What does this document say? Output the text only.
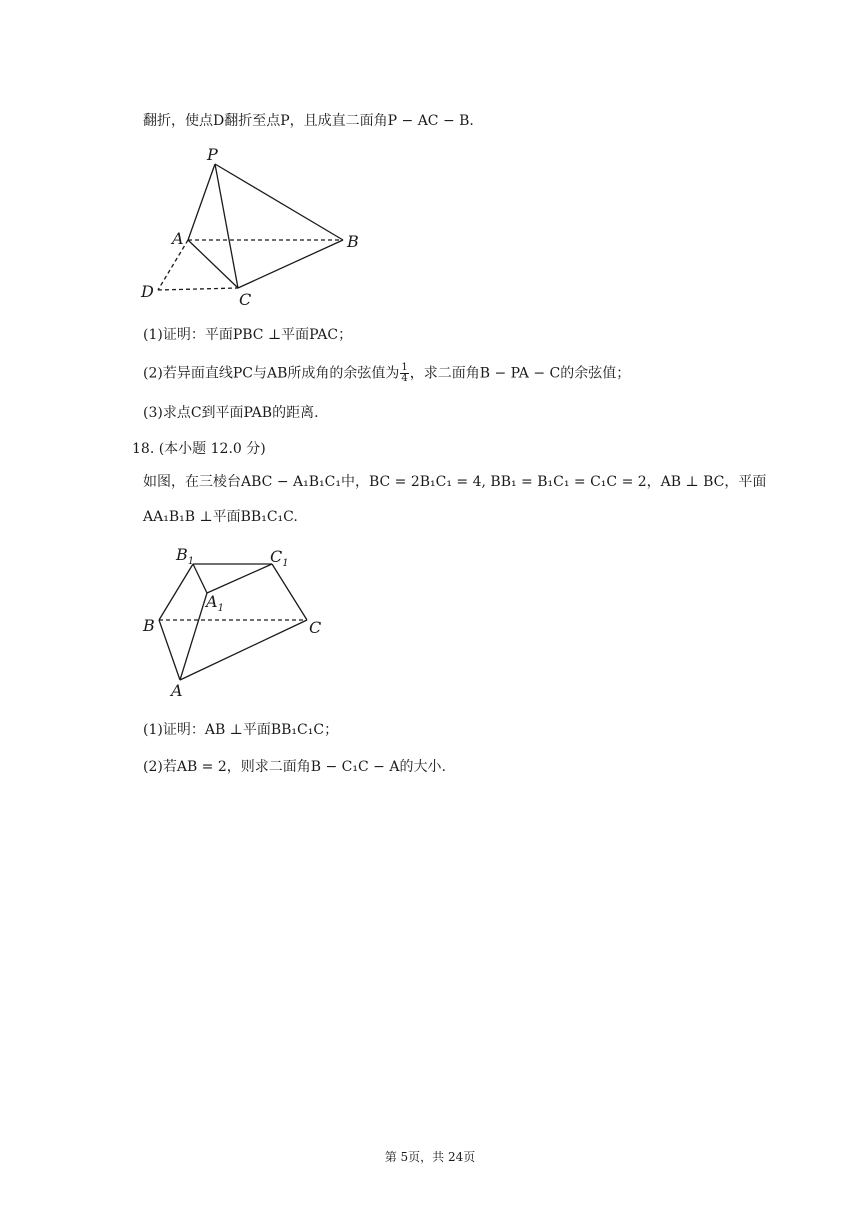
翻折，使点D翻折至点P，且成直二面角P − AC − B.
P
A	B
C
D
(1)证明：平面PBC ⊥平面PAC；
(2)若异面直线PC与AB所成角的余弦值为 $\frac{1}{4}$ ，求二面角B − PA − C的余弦值；
(3)求点C到平面PAB的距离.
18. (本小题 12.0 分)
如图，在三棱台ABC − A₁B₁C₁中，BC = 2B₁C₁ = 4, BB₁ = B₁C₁ = C₁C = 2，AB ⊥ BC，平面
AA₁B₁B ⊥平面BB₁C₁C.
$B_1$	$C_1$
$A_1$
B	C
A
(1)证明：AB ⊥平面BB₁C₁C；
(2)若AB = 2，则求二面角B − C₁C − A的大小.
第 5页，共 24页
